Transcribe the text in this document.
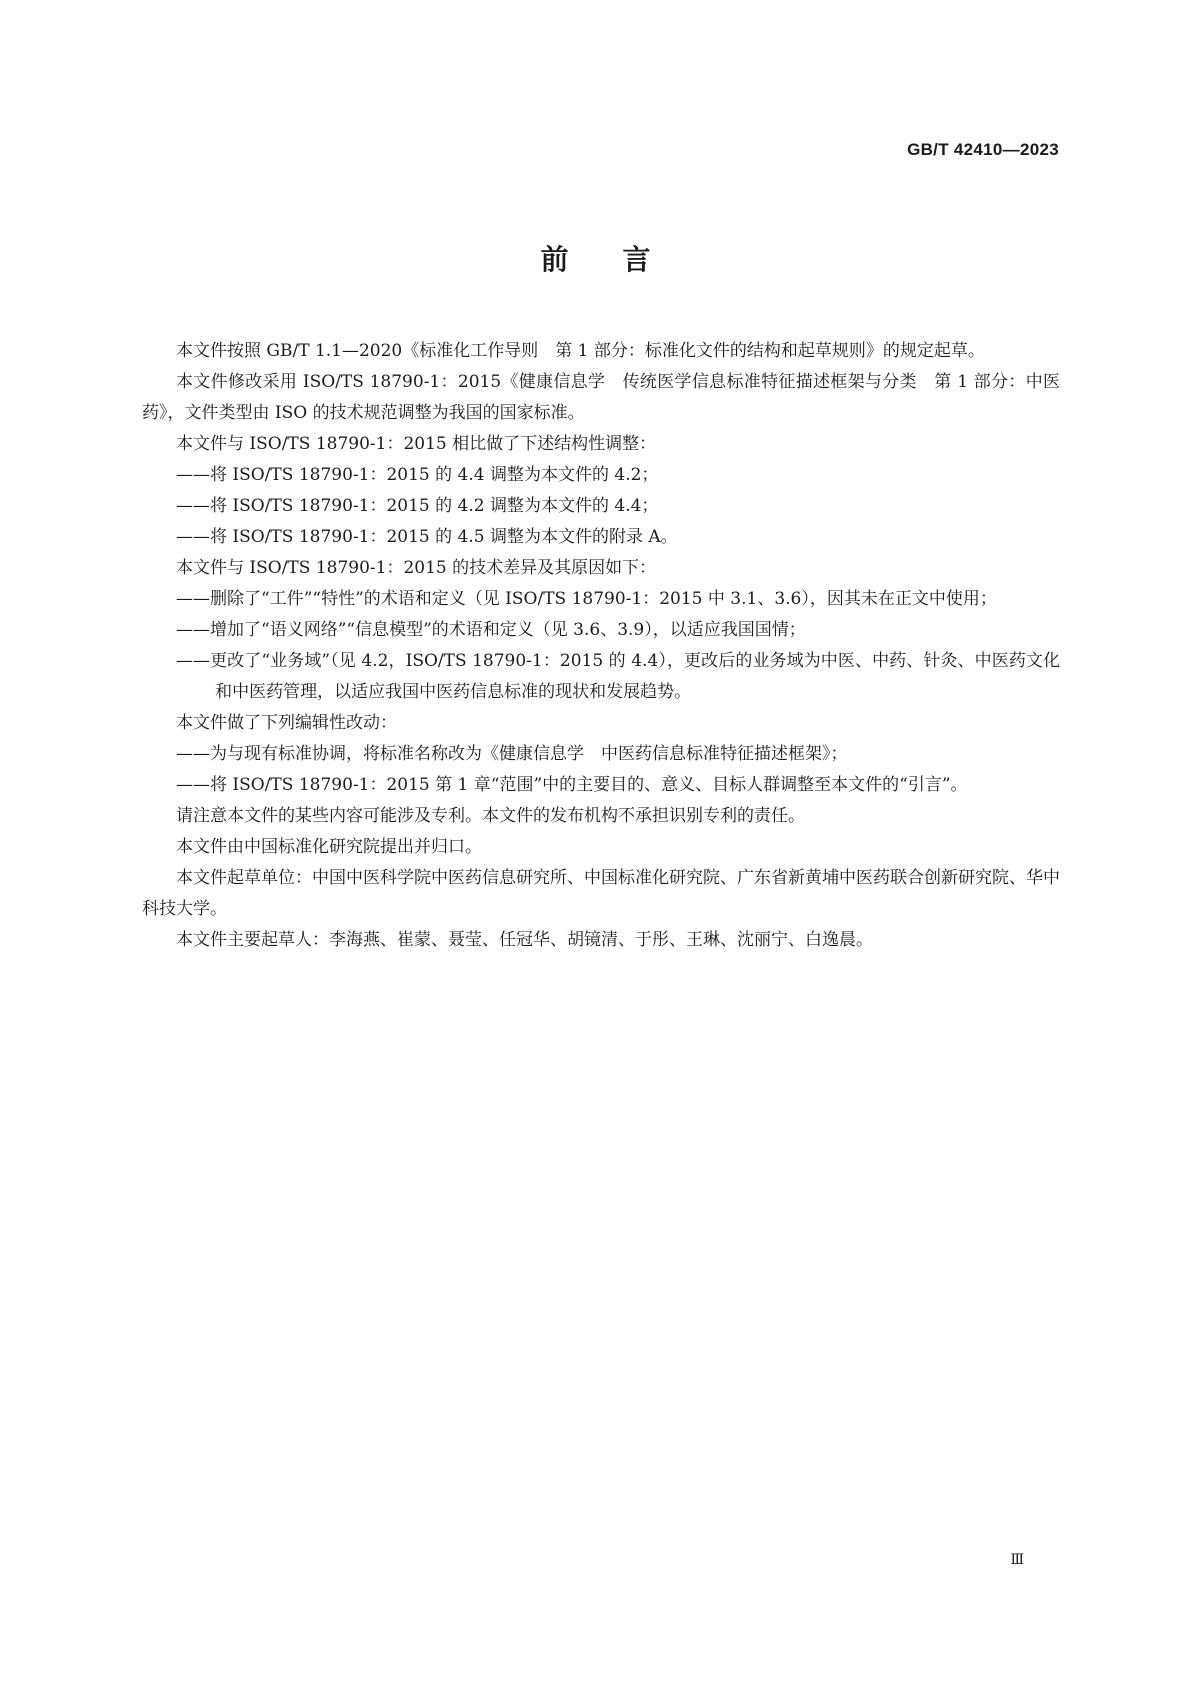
GB/T 42410—2023
前言

本文件按照 GB/T 1.1—2020《标准化工作导则　第 1 部分：标准化文件的结构和起草规则》的规定起草。

本文件修改采用 ISO/TS 18790-1：2015《健康信息学　传统医学信息标准特征描述框架与分类　第 1 部分：中医药》，文件类型由 ISO 的技术规范调整为我国的国家标准。

本文件与 ISO/TS 18790-1：2015 相比做了下述结构性调整：

——将 ISO/TS 18790-1：2015 的 4.4 调整为本文件的 4.2；

——将 ISO/TS 18790-1：2015 的 4.2 调整为本文件的 4.4；

——将 ISO/TS 18790-1：2015 的 4.5 调整为本文件的附录 A。

本文件与 ISO/TS 18790-1：2015 的技术差异及其原因如下：

——删除了“工件”“特性”的术语和定义（见 ISO/TS 18790-1：2015 中 3.1、3.6），因其未在正文中使用；

——增加了“语义网络”“信息模型”的术语和定义（见 3.6、3.9），以适应我国国情；

——更改了“业务域”（见 4.2，ISO/TS 18790-1：2015 的 4.4），更改后的业务域为中医、中药、针灸、中医药文化和中医药管理，以适应我国中医药信息标准的现状和发展趋势。

本文件做了下列编辑性改动：

——为与现有标准协调，将标准名称改为《健康信息学　中医药信息标准特征描述框架》；

——将 ISO/TS 18790-1：2015 第 1 章“范围”中的主要目的、意义、目标人群调整至本文件的“引言”。

请注意本文件的某些内容可能涉及专利。本文件的发布机构不承担识别专利的责任。

本文件由中国标准化研究院提出并归口。

本文件起草单位：中国中医科学院中医药信息研究所、中国标准化研究院、广东省新黄埔中医药联合创新研究院、华中科技大学。

本文件主要起草人：李海燕、崔蒙、聂莹、任冠华、胡镜清、于彤、王琳、沈丽宁、白逸晨。

Ⅲ
